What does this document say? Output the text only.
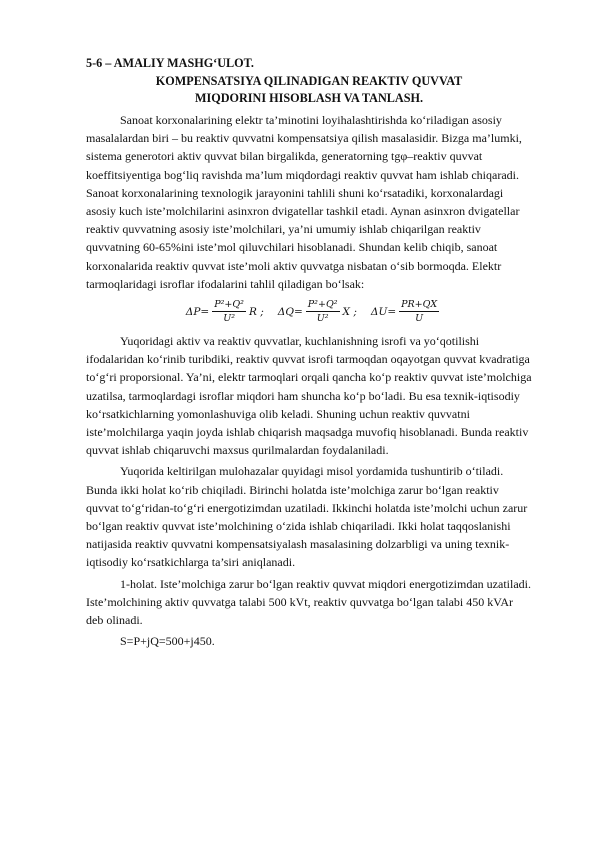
5-6 – AMALIY MASHG‘ULOT.
KOMPENSATSIYA QILINADIGAN REAKTIV QUVVAT
MIQDORINI HISOBLASH VA TANLASH.

Sanoat korxonalarining elektr ta’minotini loyihalashtirishda ko‘riladigan asosiy masalalardan biri – bu reaktiv quvvatni kompensatsiya qilish masalasidir. Bizga ma’lumki, sistema generotori aktiv quvvat bilan birgalikda, generatorning tgφ–reaktiv quvvat koeffitsiyentiga bog‘liq ravishda ma’lum miqdordagi reaktiv quvvat ham ishlab chiqaradi. Sanoat korxonalarining texnologik jarayonini tahlili shuni ko‘rsatadiki, korxonalardagi asosiy kuch iste’molchilarini asinxron dvigatellar tashkil etadi. Aynan asinxron dvigatellar reaktiv quvvatning asosiy iste’molchilari, ya’ni umumiy ishlab chiqarilgan reaktiv quvvatning 60-65%ini iste’mol qiluvchilari hisoblanadi. Shundan kelib chiqib, sanoat korxonalarida reaktiv quvvat iste’moli aktiv quvvatga nisbatan o‘sib bormoqda. Elektr tarmoqlaridagi isroflar ifodalarini tahlil qiladigan bo‘lsak:

$\Delta P= \frac{\text{P²+Q²}}{\text{U²}}$ R ; $\Delta Q= \frac{\text{P²+Q²}}{\text{U²}}$ X ; $\Delta U= \frac{PR+QX}{U}$

Yuqoridagi aktiv va reaktiv quvvatlar, kuchlanishning isrofi va yo‘qotilishi ifodalaridan ko‘rinib turibdiki, reaktiv quvvat isrofi tarmoqdan oqayotgan quvvat kvadratiga to‘g‘ri proporsional. Ya’ni, elektr tarmoqlari orqali qancha ko‘p reaktiv quvvat iste’molchiga uzatilsa, tarmoqlardagi isroflar miqdori ham shuncha ko‘p bo‘ladi. Bu esa texnik-iqtisodiy ko‘rsatkichlarning yomonlashuviga olib keladi. Shuning uchun reaktiv quvvatni iste’molchilarga yaqin joyda ishlab chiqarish maqsadga muvofiq hisoblanadi. Bunda reaktiv quvvat ishlab chiqaruvchi maxsus qurilmalardan foydalaniladi.

Yuqorida keltirilgan mulohazalar quyidagi misol yordamida tushuntirib o‘tiladi. Bunda ikki holat ko‘rib chiqiladi. Birinchi holatda iste’molchiga zarur bo‘lgan reaktiv quvvat to‘g‘ridan-to‘g‘ri energotizimdan uzatiladi. Ikkinchi holatda iste’molchi uchun zarur bo‘lgan reaktiv quvvat iste’molchining o‘zida ishlab chiqariladi. Ikki holat taqqoslanishi natijasida reaktiv quvvatni kompensatsiyalash masalasining dolzarbligi va uning texnik-iqtisodiy ko‘rsatkichlarga ta’siri aniqlanadi.

1-holat. Iste’molchiga zarur bo‘lgan reaktiv quvvat miqdori energotizimdan uzatiladi. Iste’molchining aktiv quvvatga talabi 500 kVt, reaktiv quvvatga bo‘lgan talabi 450 kVAr deb olinadi.

S=P+jQ=500+j450.
